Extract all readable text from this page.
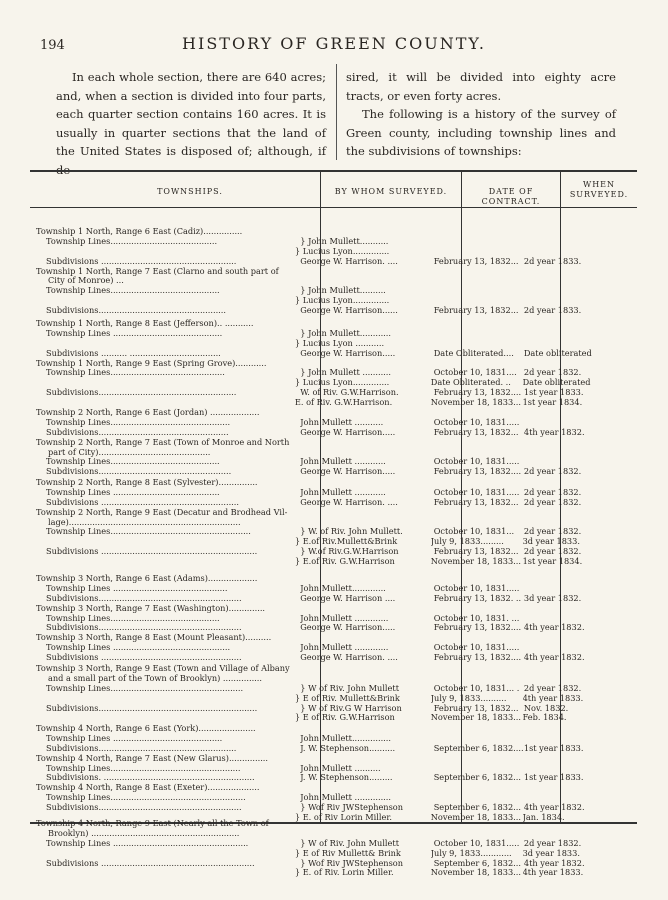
194	HISTORY OF GREEN COUNTY.

In each whole section, there are 640 acres; and, when a section is divided into four parts, each quarter section contains 160 acres. It is usually in quarter sections that the land of the United States is disposed of; although, if

sired, it will be divided into eighty acre tracts, or even forty acres.

The following is a history of the survey of Green county, including township lines and the subdivisions of townships:

TOWNSHIPS.	BY WHOM SURVEYED.	DATE OF CONTRACT.
WHEN
SURVEYED.
Township 1 North, Range 6 East (Cadiz)...............
Township Lines.........................................	} John Mullett...........
} Lucius Lyon..............
Subdivisions ....................................................	George W. Harrison. ....	February 13, 1832... 2d year 1833.
Township 1 North, Range 7 East (Clarno and south part of
City of Monroe) ...
Township Lines..........................................	} John Mullett..........
} Lucius Lyon..............
Subdivisions.................................................	George W. Harrison......	February 13, 1832... 2d year 1833.
Township 1 North, Range 8 East (Jefferson).. ...........
Township Lines ..........................................	} John Mullett............
} Lucius Lyon ...........
Subdivisions .......... ...................................	George W. Harrison.....	Date Obliterated....	Date obliterated
Township 1 North, Range 9 East (Spring Grove)............
Township Lines............................................	} John Mullett ...........	October 10, 1831.... 2d year 1832.
} Lucius Lyon..............	Date Obliterated. ..	Date obliterated
Subdivisions.....................................................	W. of Riv. G.W.Harrison.	February 13, 1832.... 1st year 1833.
E. of Riv. G.W.Harrison.	November 18, 1833... 1st year 1834.
Township 2 North, Range 6 East (Jordan) ...................
Township Lines..............................................	John Mullett ...........	October 10, 1831.....
Subdivisions..................................................	George W. Harrison.....	February 13, 1832... 4th year 1832.
Township 2 North, Range 7 East (Town of Monroe and North
part of City)...........................................
Township Lines..........................................	John Mullett ............	October 10, 1831.....
Subdivisions...................................................	George W. Harrison.....	February 13, 1832.... 2d year 1832.
Township 2 North, Range 8 East (Sylvester)...............
Township Lines .........................................	John Mullett ............	October 10, 1831..... 2d year 1832.
Subdivisions .....................................................	George W. Harrison. ....	February 13, 1832... 2d year 1832.
Township 2 North, Range 9 East (Decatur and Brodhead Vil-
lage)..................................................................
Township Lines......................................................	} W. of Riv. John Mullett.	October 10, 1831...	2d year 1832.
} E.of Riv.Mullett&Brink	July 9, 1833.........	3d year 1833.
Subdivisions ............................................................	} W.of Riv.G.W.Harrison	February 13, 1832... 2d year 1832.
} E.of Riv. G.W.Harrison	November 18, 1833... 1st year 1834.
Township 3 North, Range 6 East (Adams)...................
Township Lines ............................................	John Mullett.............	October 10, 1831.....
Subdivisions.......................................................	George W. Harrison ....	February 13, 1832. .. 3d year 1832.
Township 3 North, Range 7 East (Washington)..............
Township Lines..........................................	John Mullett .............	October 10, 1831. ...
Subdivisions.......................................................	George W. Harrison.....	February 13, 1832.... 4th year 1832.
Township 3 North, Range 8 East (Mount Pleasant)..........
Township Lines .............................................	John Mullett .............	October 10, 1831.....
Subdivisions ......................................................	George W. Harrison. ....	February 13, 1832.... 4th year 1832.
Township 3 North, Range 9 East (Town and Village of Albany
and a small part of the Town of Brooklyn) ...............
Township Lines...................................................	} W of Riv. John Mullett	October 10, 1831... . 2d year 1832.
} E of Riv. Mullett&Brink	July 9, 1833..........	4th year 1833.
Subdivisions.............................................................	} W of Riv.G W Harrison	February 13, 1832... Nov. 1832.
} E of Riv. G.W.Harrison	November 18, 1833... Feb. 1834.
Township 4 North, Range 6 East (York)......................
Township Lines ..........................................	John Mullett...............
Subdivisions.....................................................	J. W. Stephenson..........	September 6, 1832.... 1st year 1833.
Township 4 North, Range 7 East (New Glarus)...............
Township Lines..................................................	John Mullett ..........
Subdivisions. ..........................................................	J. W. Stephenson.........	September 6, 1832... 1st year 1833.
Township 4 North, Range 8 East (Exeter)....................
Township Lines....................................................	John Mullett ..............
Subdivisions.......................................................	} Wof Riv JWStephenson	September 6, 1832... 4th year 1832.
} E. of Riv Lorin Miller.	November 18, 1833... Jan. 1834.
Township 4 North, Range 9 East (Nearly all the Town of
Brooklyn) .........................................................
Township Lines ....................................................	} W of Riv. John Mullett	October 10, 1831..... 2d year 1832.
} E of Riv Mullett& Brink	July 9, 1833............	3d year 1833.
Subdivisions ...........................................................	} Wof Riv JWStephenson	September 6, 1832... 4th year 1832.
} E. of Riv. Lorin Miller.	November 18, 1833... 4th year 1833.
